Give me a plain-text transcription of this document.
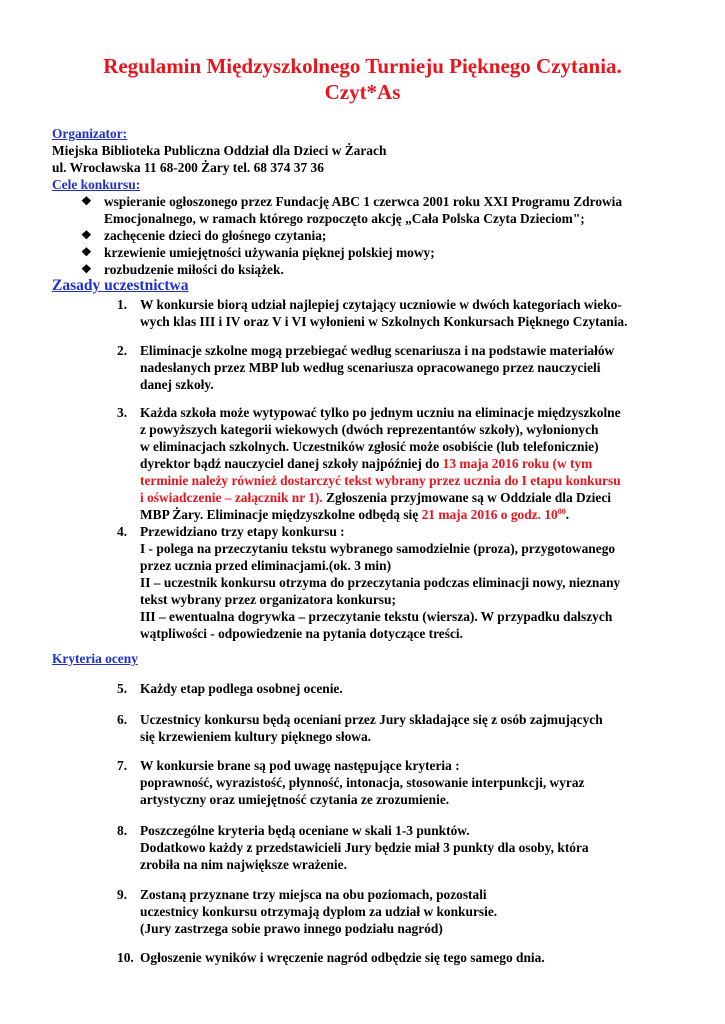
Regulamin Międzyszkolnego Turnieju Pięknego Czytania.
Czyt*As
Organizator:
Miejska Biblioteka Publiczna Oddział dla Dzieci w Żarach
ul. Wrocławska 11 68-200 Żary tel. 68 374 37 36
Cele konkursu:
❖ wspieranie ogłoszonego przez Fundację ABC 1 czerwca 2001 roku XXI Programu Zdrowia
Emocjonalnego, w ramach którego rozpoczęto akcję „Cała Polska Czyta Dzieciom";
❖ zachęcenie dzieci do głośnego czytania;
❖ krzewienie umiejętności używania pięknej polskiej mowy;
❖ rozbudzenie miłości do książek.
Zasady uczestnictwa
1. W konkursie biorą udział najlepiej czytający uczniowie w dwóch kategoriach wieko-
wych klas III i IV oraz V i VI wyłonieni w Szkolnych Konkursach Pięknego Czytania.
2. Eliminacje szkolne mogą przebiegać według scenariusza i na podstawie materiałów
nadesłanych przez MBP lub według scenariusza opracowanego przez nauczycieli
danej szkoły.
3. Każda szkoła może wytypować tylko po jednym uczniu na eliminacje międzyszkolne
z powyższych kategorii wiekowych (dwóch reprezentantów szkoły), wyłonionych
w eliminacjach szkolnych. Uczestników zgłosić może osobiście (lub telefonicznie)
dyrektor bądź nauczyciel danej szkoły najpóźniej do 13 maja 2016 roku (w tym
terminie należy również dostarczyć tekst wybrany przez ucznia do I etapu konkursu
i oświadczenie – załącznik nr 1). Zgłoszenia przyjmowane są w Oddziale dla Dzieci
MBP Żary. Eliminacje międzyszkolne odbędą się 21 maja 2016 o godz. $10^{00}$.
4. Przewidziano trzy etapy konkursu :
I - polega na przeczytaniu tekstu wybranego samodzielnie (proza), przygotowanego
przez ucznia przed eliminacjami.(ok. 3 min)
II – uczestnik konkursu otrzyma do przeczytania podczas eliminacji nowy, nieznany
tekst wybrany przez organizatora konkursu;
III – ewentualna dogrywka – przeczytanie tekstu (wiersza). W przypadku dalszych
wątpliwości - odpowiedzenie na pytania dotyczące treści.
Kryteria oceny
5. Każdy etap podlega osobnej ocenie.
6. Uczestnicy konkursu będą oceniani przez Jury składające się z osób zajmujących
się krzewieniem kultury pięknego słowa.
7. W konkursie brane są pod uwagę następujące kryteria :
poprawność, wyrazistość, płynność, intonacja, stosowanie interpunkcji, wyraz
artystyczny oraz umiejętność czytania ze zrozumienie.
8. Poszczególne kryteria będą oceniane w skali 1-3 punktów.
Dodatkowo każdy z przedstawicieli Jury będzie miał 3 punkty dla osoby, która
zrobiła na nim największe wrażenie.
9. Zostaną przyznane trzy miejsca na obu poziomach, pozostali
uczestnicy konkursu otrzymają dyplom za udział w konkursie.
(Jury zastrzega sobie prawo innego podziału nagród)
10. Ogłoszenie wyników i wręczenie nagród odbędzie się tego samego dnia.
